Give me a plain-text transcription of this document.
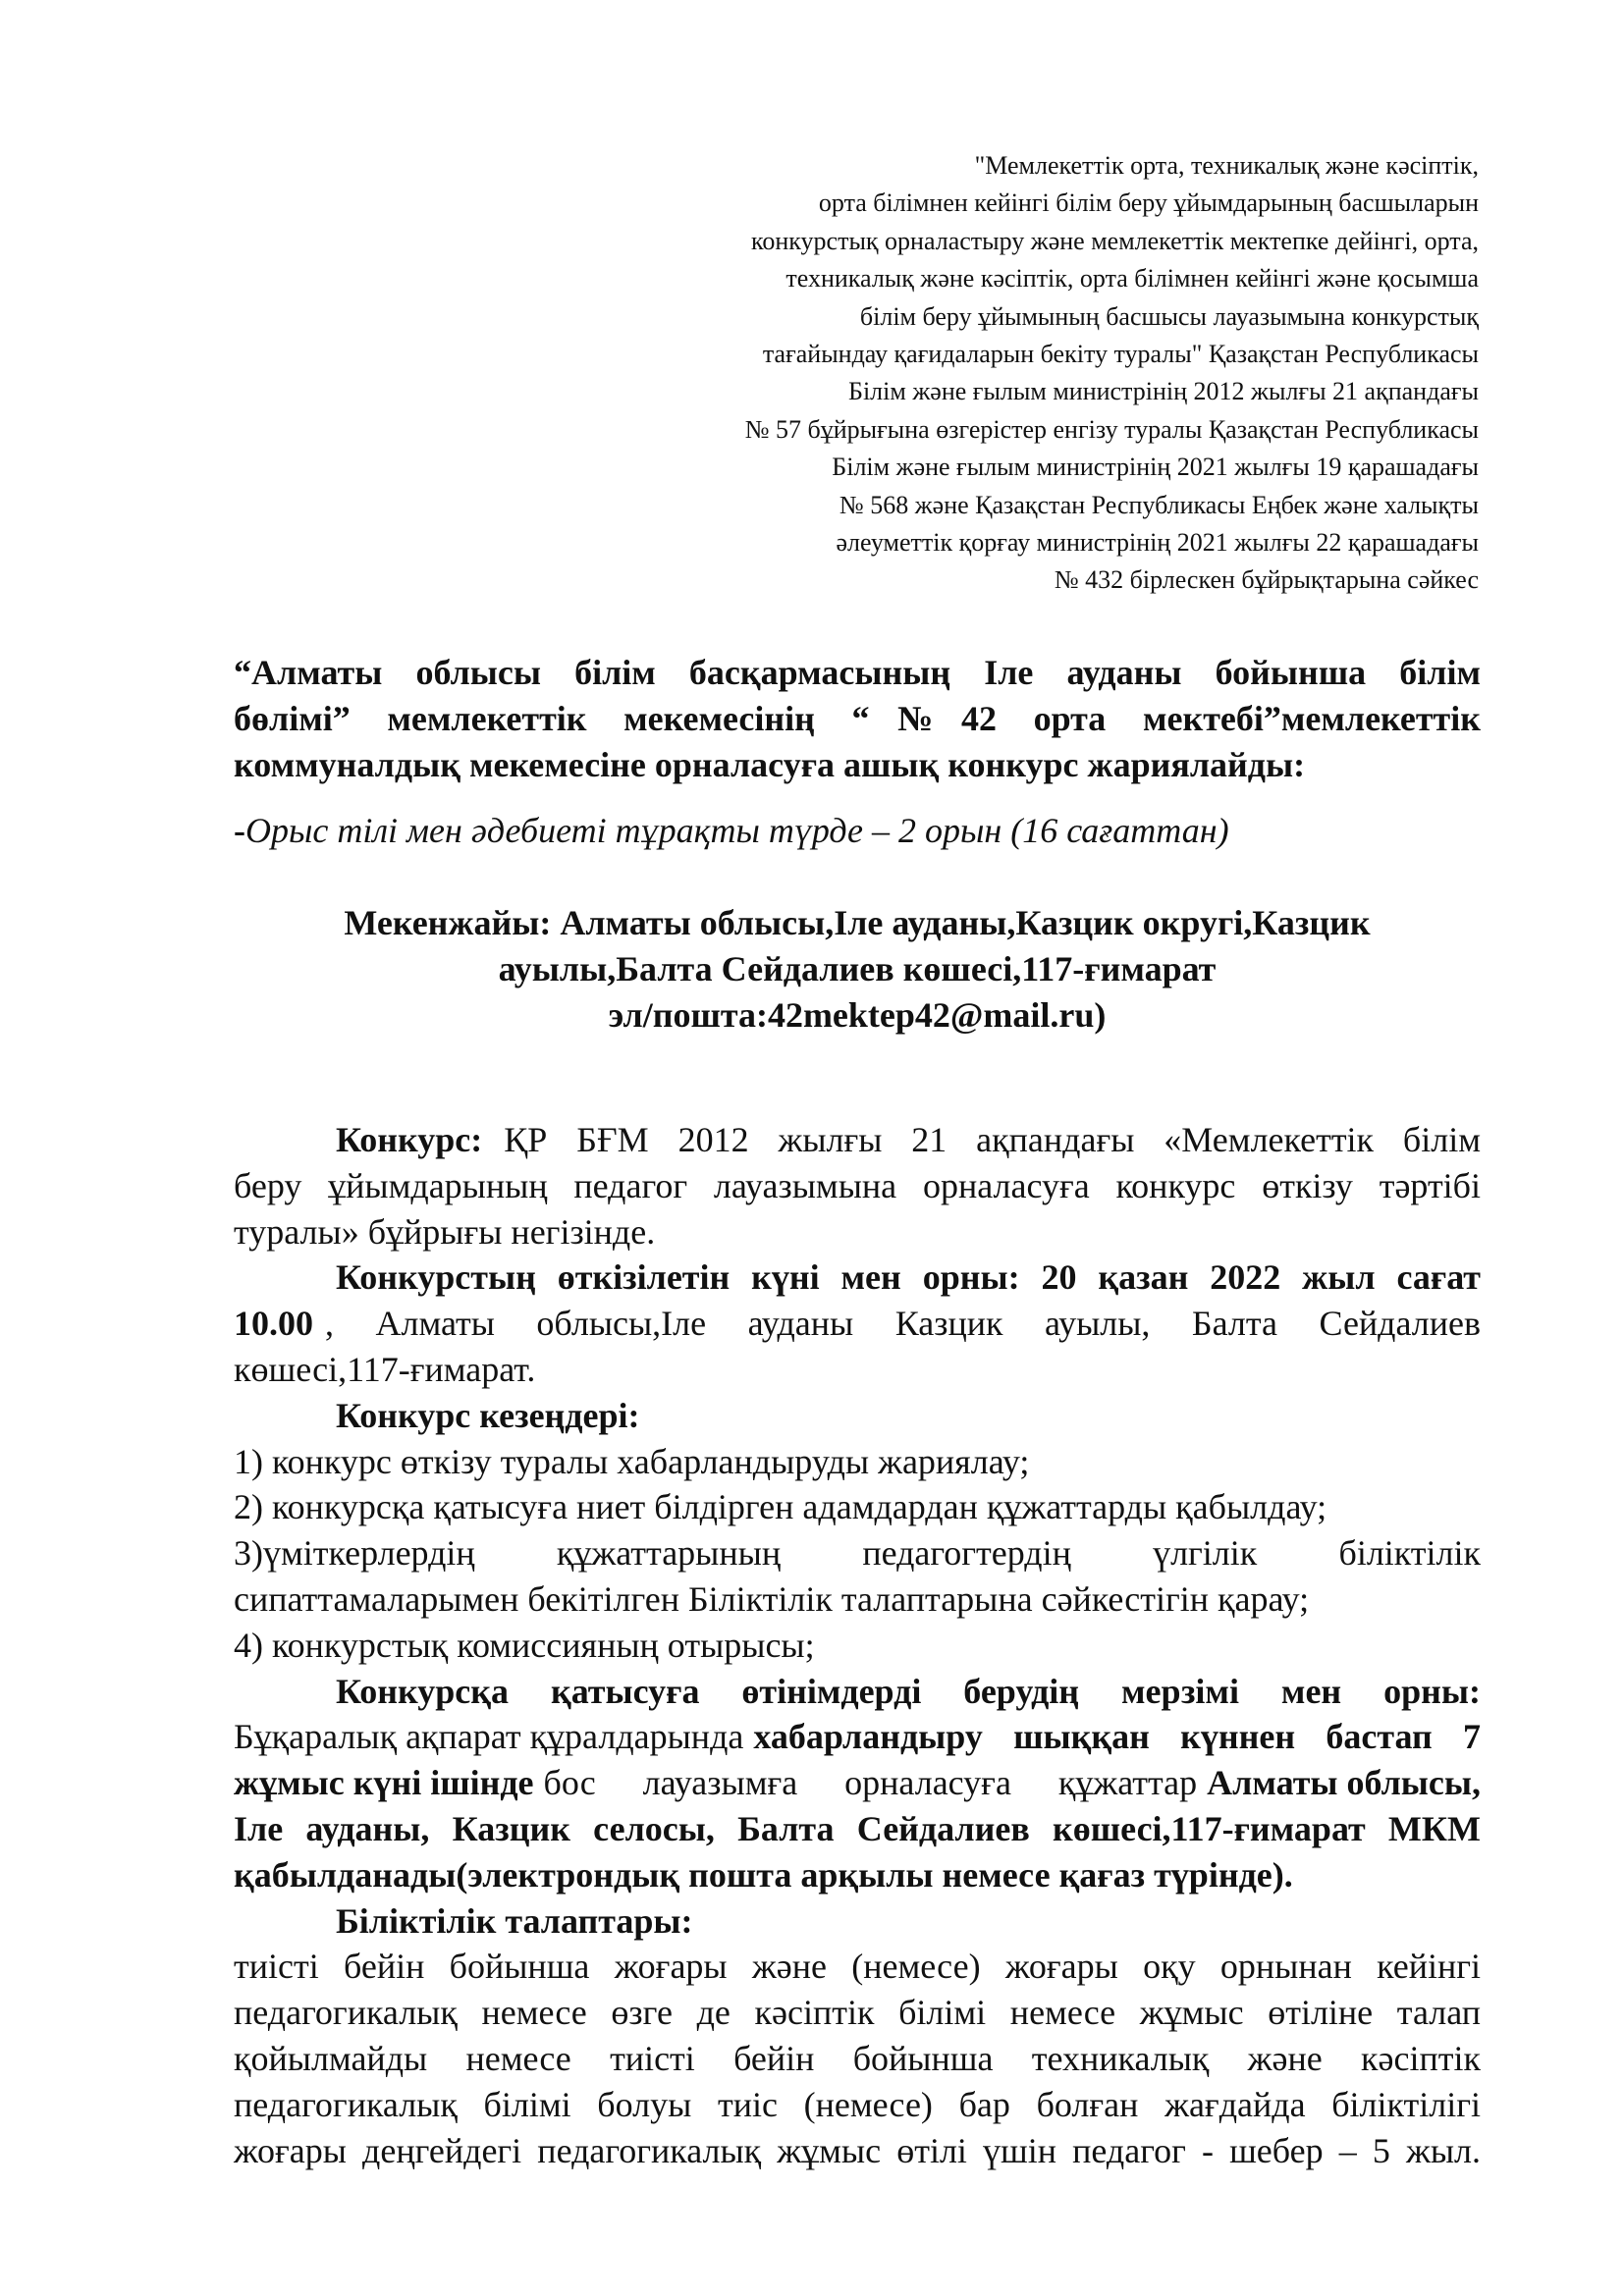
"Мемлекеттік орта, техникалық және кәсіптік,
орта білімнен кейінгі білім беру ұйымдарының басшыларын
конкурстық орналастыру және мемлекеттік мектепке дейінгі, орта,
техникалық және кәсіптік, орта білімнен кейінгі және қосымша
білім беру ұйымының басшысы лауазымына конкурстық
тағайындау қағидаларын бекіту туралы" Қазақстан Республикасы
Білім және ғылым министрінің 2012 жылғы 21 ақпандағы
№ 57 бұйрығына өзгерістер енгізу туралы Қазақстан Республикасы
Білім және ғылым министрінің 2021 жылғы 19 қарашадағы
№ 568 және Қазақстан Республикасы Еңбек және халықты
әлеуметтік қорғау министрінің 2021 жылғы 22 қарашадағы
№ 432 бірлескен бұйрықтарына сәйкес
“Алматы облысы білім басқармасының Іле ауданы бойынша білім
бөлімі” мемлекеттік мекемесінің “№42 орта мектебі”мемлекеттік
коммуналдық мекемесіне орналасуға ашық конкурс жариялайды:
-Орыс тілі мен әдебиеті тұрақты түрде – 2 орын (16 сағаттан)
Мекенжайы: Алматы облысы,Іле ауданы,Казцик округі,Казцик
ауылы,Балта Сейдалиев көшесі,117-ғимарат
эл/пошта:42mektep42@mail.ru)
Конкурс: ҚР БҒМ 2012 жылғы 21 ақпандағы «Мемлекеттік білім
беру ұйымдарының педагог лауазымына орналасуға конкурс өткізу тәртібі
туралы» бұйрығы негізінде.
Конкурстың өткізілетін күні мен орны: 20 қазан 2022 жыл сағат
10.00 , Алматы облысы,Іле ауданы Казцик ауылы, Балта Сейдалиев
көшесі,117-ғимарат.
Конкурс кезеңдері:
1) конкурс өткізу туралы хабарландыруды жариялау;
2) конкурсқа қатысуға ниет білдірген адамдардан құжаттарды қабылдау;
3)үміткерлердің құжаттарының педагогтердің үлгілік біліктілік
сипаттамаларымен бекітілген Біліктілік талаптарына сәйкестігін қарау;
4) конкурстық комиссияның отырысы;
Конкурсқа қатысуға өтінімдерді берудің мерзімі мен орны:
Бұқаралық ақпарат құралдарында хабарландыру шыққан күннен бастап 7
жұмыс күні ішінде бос лауазымға орналасуға құжаттар Алматы облысы,
Іле ауданы, Казцик селосы, Балта Сейдалиев көшесі,117-ғимарат МКМ
қабылданады(электрондық пошта арқылы немесе қағаз түрінде).
Біліктілік талаптары:
тиісті бейін бойынша жоғары және (немесе) жоғары оқу орнынан кейінгі
педагогикалық немесе өзге де кәсіптік білімі немесе жұмыс өтіліне талап
қойылмайды немесе тиісті бейін бойынша техникалық және кәсіптік
педагогикалық білімі болуы тиіс (немесе) бар болған жағдайда біліктілігі
жоғары деңгейдегі педагогикалық жұмыс өтілі үшін педагог - шебер – 5 жыл.
